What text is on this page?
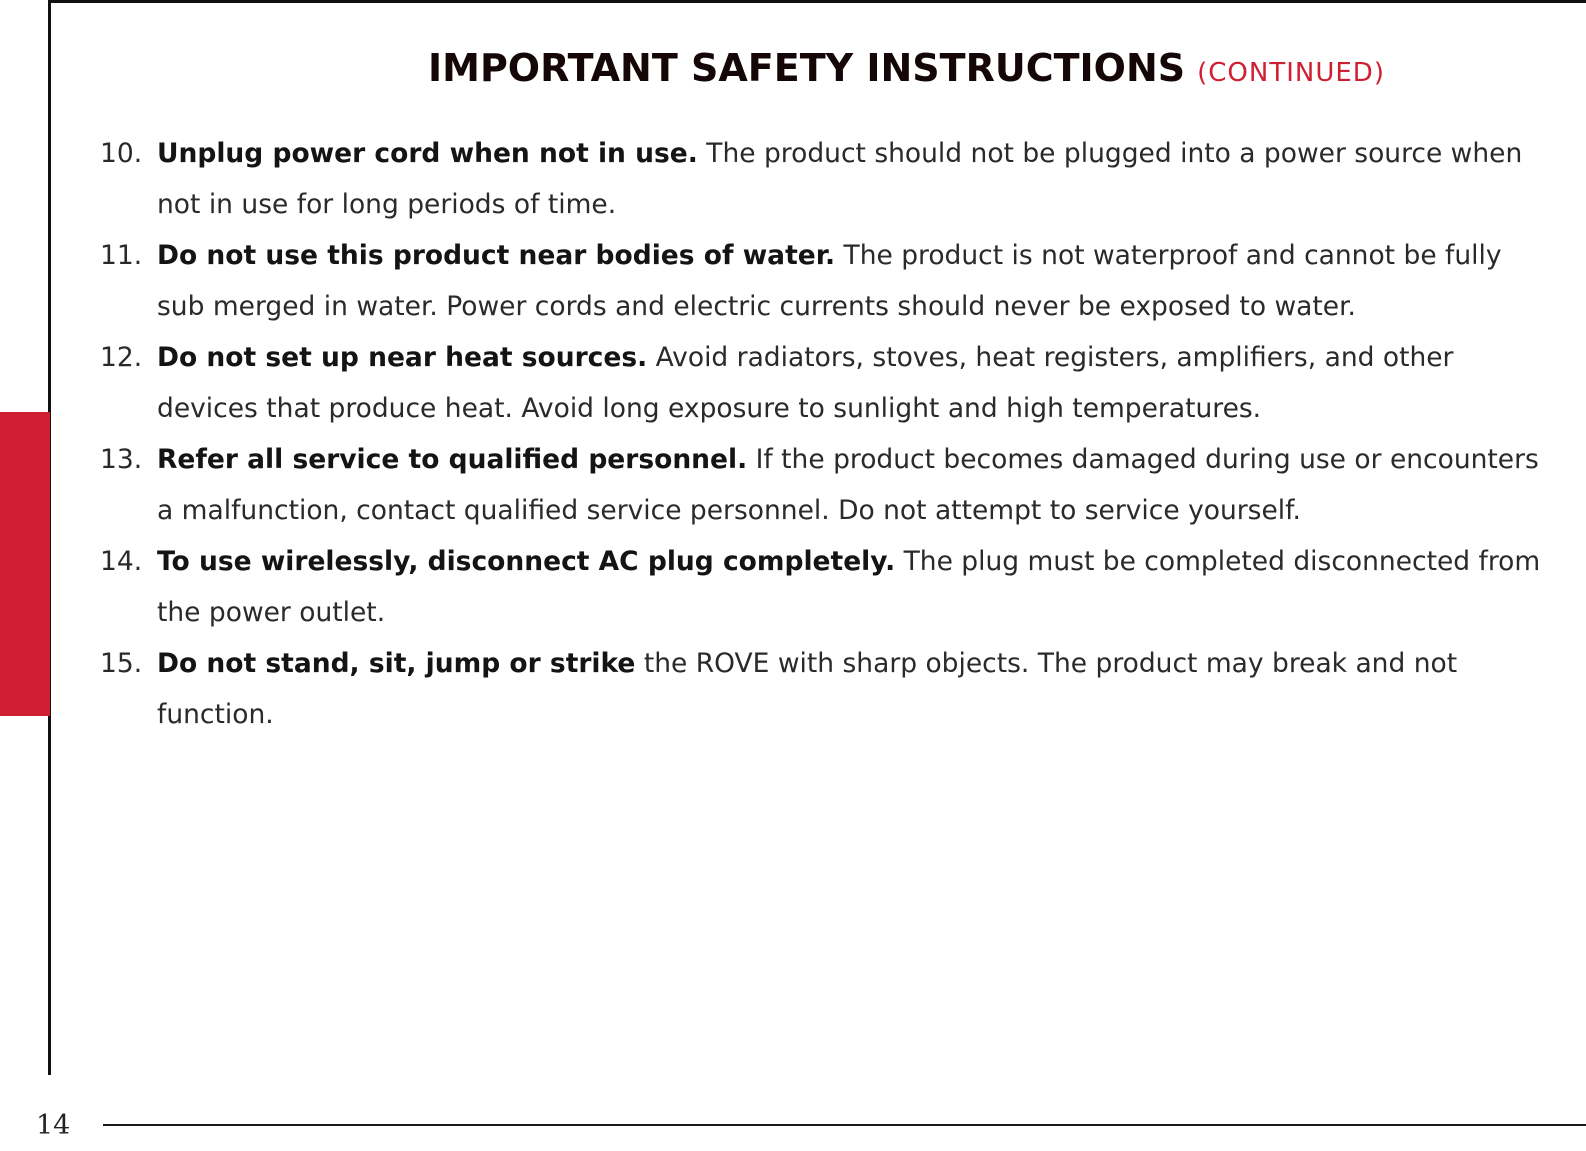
IMPORTANT SAFETY INSTRUCTIONS (CONTINUED)
10. Unplug power cord when not in use. The product should not be plugged into a power source when not in use for long periods of time.
11. Do not use this product near bodies of water. The product is not waterproof and cannot be fully sub merged in water. Power cords and electric currents should never be exposed to water.
12. Do not set up near heat sources. Avoid radiators, stoves, heat registers, amplifiers, and other devices that produce heat. Avoid long exposure to sunlight and high temperatures.
13. Refer all service to qualified personnel. If the product becomes damaged during use or encounters a malfunction, contact qualified service personnel. Do not attempt to service yourself.
14. To use wirelessly, disconnect AC plug completely. The plug must be completed disconnected from the power outlet.
15. Do not stand, sit, jump or strike the ROVE with sharp objects. The product may break and not function.
14
